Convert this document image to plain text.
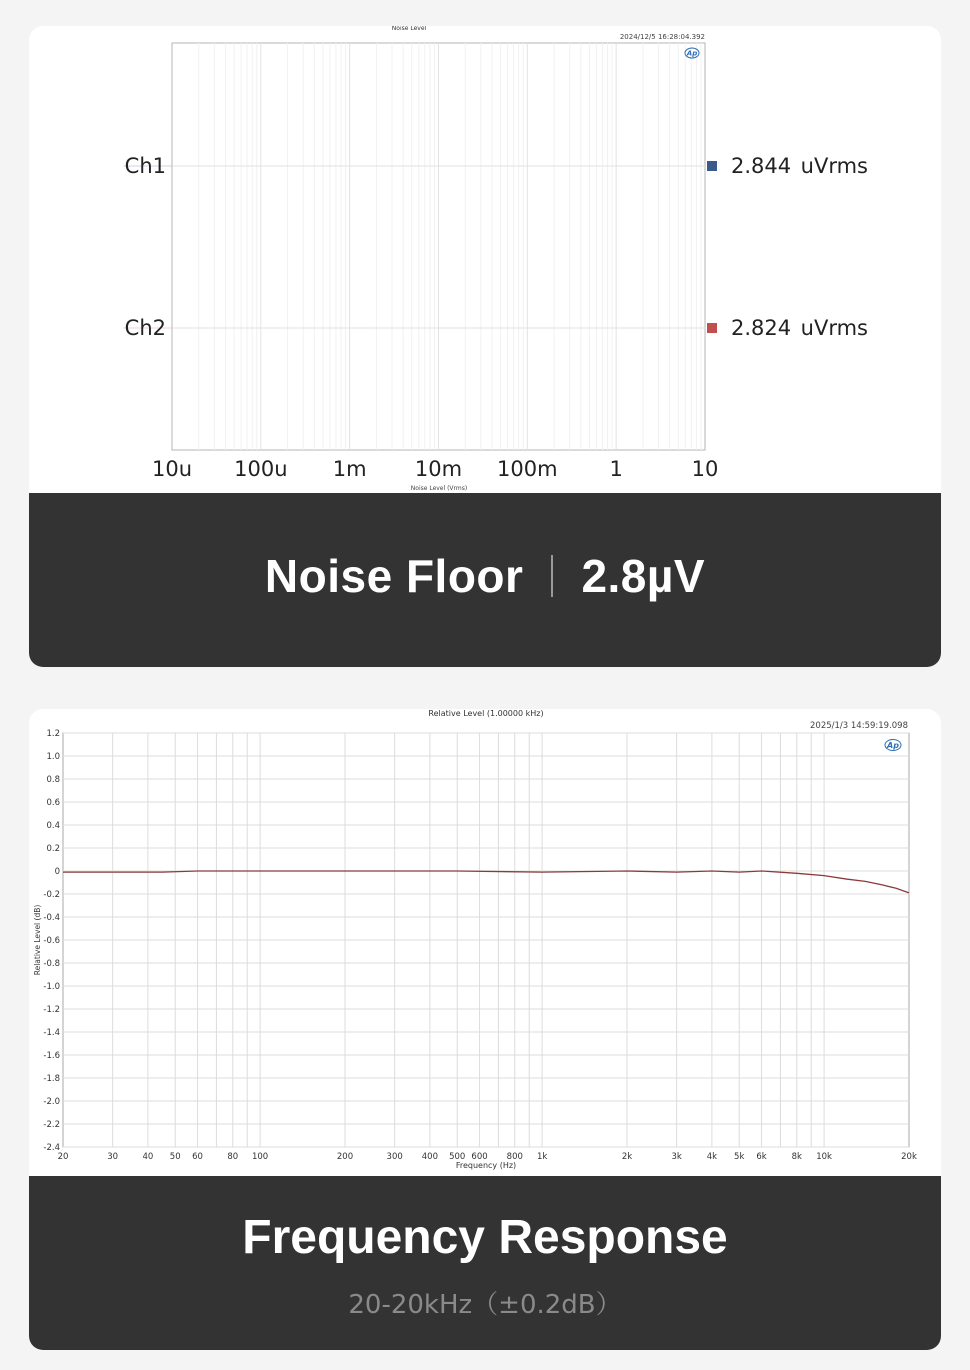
Noise Level
2024/12/5 16:28:04.392
Ap
Ch1
Ch2
10u 100u 1m 10m 100m 1	10
2.844 uVrms
2.824 uVrms
Noise Level (Vrms)
Noise Floor 2.8µV
Relative Level (1.00000 kHz)
2025/1/3 14:59:19.098
1.2
1.0
0.8
0.6
0.4
0.2
0
-0.2
-0.4
-0.6
-0.8
-1.0
-1.2
-1.4
-1.6
-1.8
-2.0
-2.2
-2.4
20	30	40 50 60	80 100	200	300 400 500 600 800 1k	2k	3k	4k 5k 6k	8k 10k	20k
Ap
Frequency (Hz)
Relative Level (dB)
Frequency Response
20-20kHz（±0.2dB）
